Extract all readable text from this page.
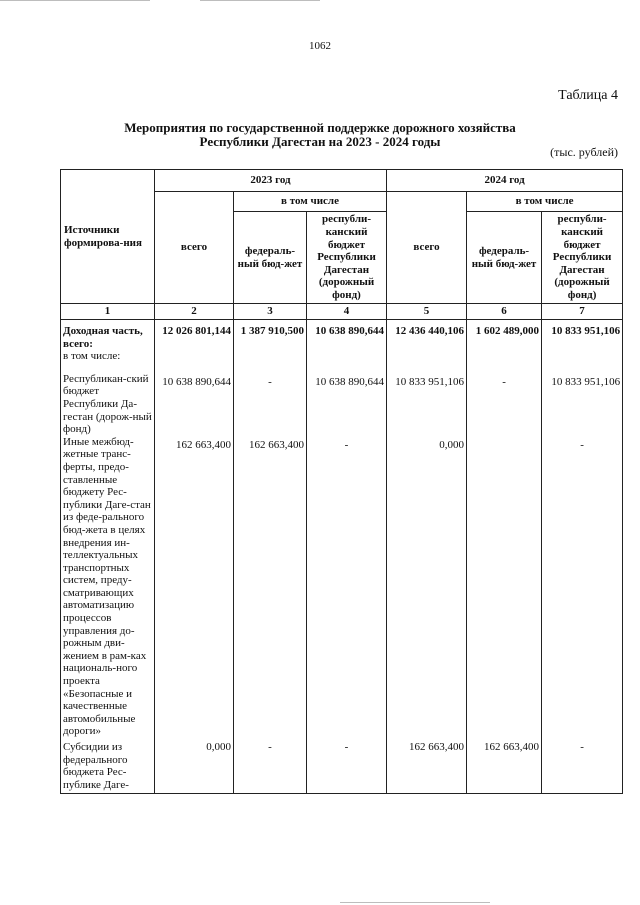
1062
Таблица 4
Мероприятия по государственной поддержке дорожного хозяйства
Республики Дагестан на 2023 - 2024 годы
(тыс. рублей)
Источники формирова-ния	2023 год			2024 год		
	всего	в том числе		всего	в том числе	
		федераль-ный бюд-жет	республи-канский бюджет Республики Дагестан (дорожный фонд)		федераль-ный бюд-жет	республи-канский бюджет Республики Дагестан (дорожный фонд)
1	2	3	4	5	6	7
Доходная часть, всего:	12 026 801,144	1 387 910,500	10 638 890,644	12 436 440,106	1 602 489,000	10 833 951,106
в том числе:						
Республикан-ский бюджет Республики Да-гестан (дорож-ный фонд)	10 638 890,644	-	10 638 890,644	10 833 951,106	-	10 833 951,106
Иные межбюд-жетные транс-ферты, предо-ставленные бюджету Рес-публики Даге-стан из феде-рального бюд-жета в целях внедрения ин-теллектуальных транспортных систем, преду-сматривающих автоматизацию процессов управления до-рожным дви-жением в рам-ках националь-ного проекта «Безопасные и качественные автомобильные дороги»	162 663,400	162 663,400	-	0,000		-
Субсидии из федерального бюджета Рес-публике Даге-	0,000	-	-	162 663,400	162 663,400	-
